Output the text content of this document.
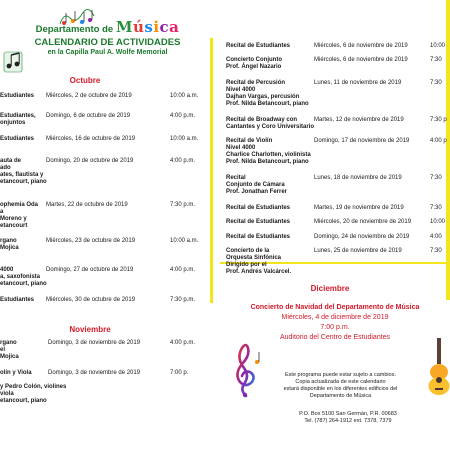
Departamento de Música
CALENDARIO DE ACTIVIDADES
en la Capilla Paul A. Wolfe Memorial
Octubre
Noviembre
Diciembre
Estudiantes Miércoles, 2 de octubre de 2019	10:00 a.m.
Estudiantes,
onjuntos
Domingo, 6 de octubre de 2019	4:00 p.m.
Estudiantes Miércoles, 16 de octubre de 2019	10:00 a.m.
auta de
ado
ates, flautista y
etancourt, piano
Domingo, 20 de octubre de 2019	4:00 p.m.
ophemia Oda
a
Moreno y
etancourt
Martes, 22 de octubre de 2019	7:30 p.m.
rgano
Mojica
Miércoles, 23 de octubre de 2019	10:00 a.m.
4000
a, saxofonista
etancourt, piano
Domingo, 27 de octubre de 2019	4:00 p.m.
Estudiantes Miércoles, 30 de octubre de 2019	7:30 p.m.
rgano
el
Mojica
Domingo, 3 de noviembre de 2019	4:00 p.m.
olín y Viola	Domingo, 3 de noviembre de 2019	7:00 p.
y Pedro Colón, violines
viola
etancourt, piano
Recital de Estudiantes	Miércoles, 6 de noviembre de 2019	10:00
Concierto Conjunto
Prof. Ángel Nazario
Miércoles, 6 de noviembre de 2019	7:30
Recital de Percusión
Nivel 4000
Dajhan Vargas, percusión
Prof. Nilda Betancourt, piano
Lunes, 11 de noviembre de 2019	7:30
Recital de Broadway con
Cantantes y Coro Universitario
Martes, 12 de noviembre de 2019	7:30 p
Recital de Violín
Nivel 4000
Charlice Charlotten, violinista
Prof. Nilda Betancourt, piano
Domingo, 17 de noviembre de 2019	4:00 p
Recital
Conjunto de Cámara
Prof. Jonathan Ferrer
Lunes, 18 de noviembre de 2019	7:30
Recital de Estudiantes	Martes, 19 de noviembre de 2019	7:30
Recital de Estudiantes	Miércoles, 20 de noviembre de 2019	10:00
Recital de Estudiantes	Domingo, 24 de noviembre de 2019	4:00
Concierto de la
Orquesta Sinfónica
Dirigido por el
Prof. Andrés Valcárcel.
Lunes, 25 de noviembre de 2019	7:30
Concierto de Navidad del Departamento de Música
Miércoles, 4 de diciembre de 2019
7:00 p.m.
Auditorio del Centro de Estudiantes
Este programa puede estar sujeto a cambios.
Copia actualizada de este calendario
estará disponible en los diferentes edificios del
Departamento de Música
P.O. Box 5100 San Germán, P.R. 00683
Tel. (787) 264-1912 ext. 7378, 7379
